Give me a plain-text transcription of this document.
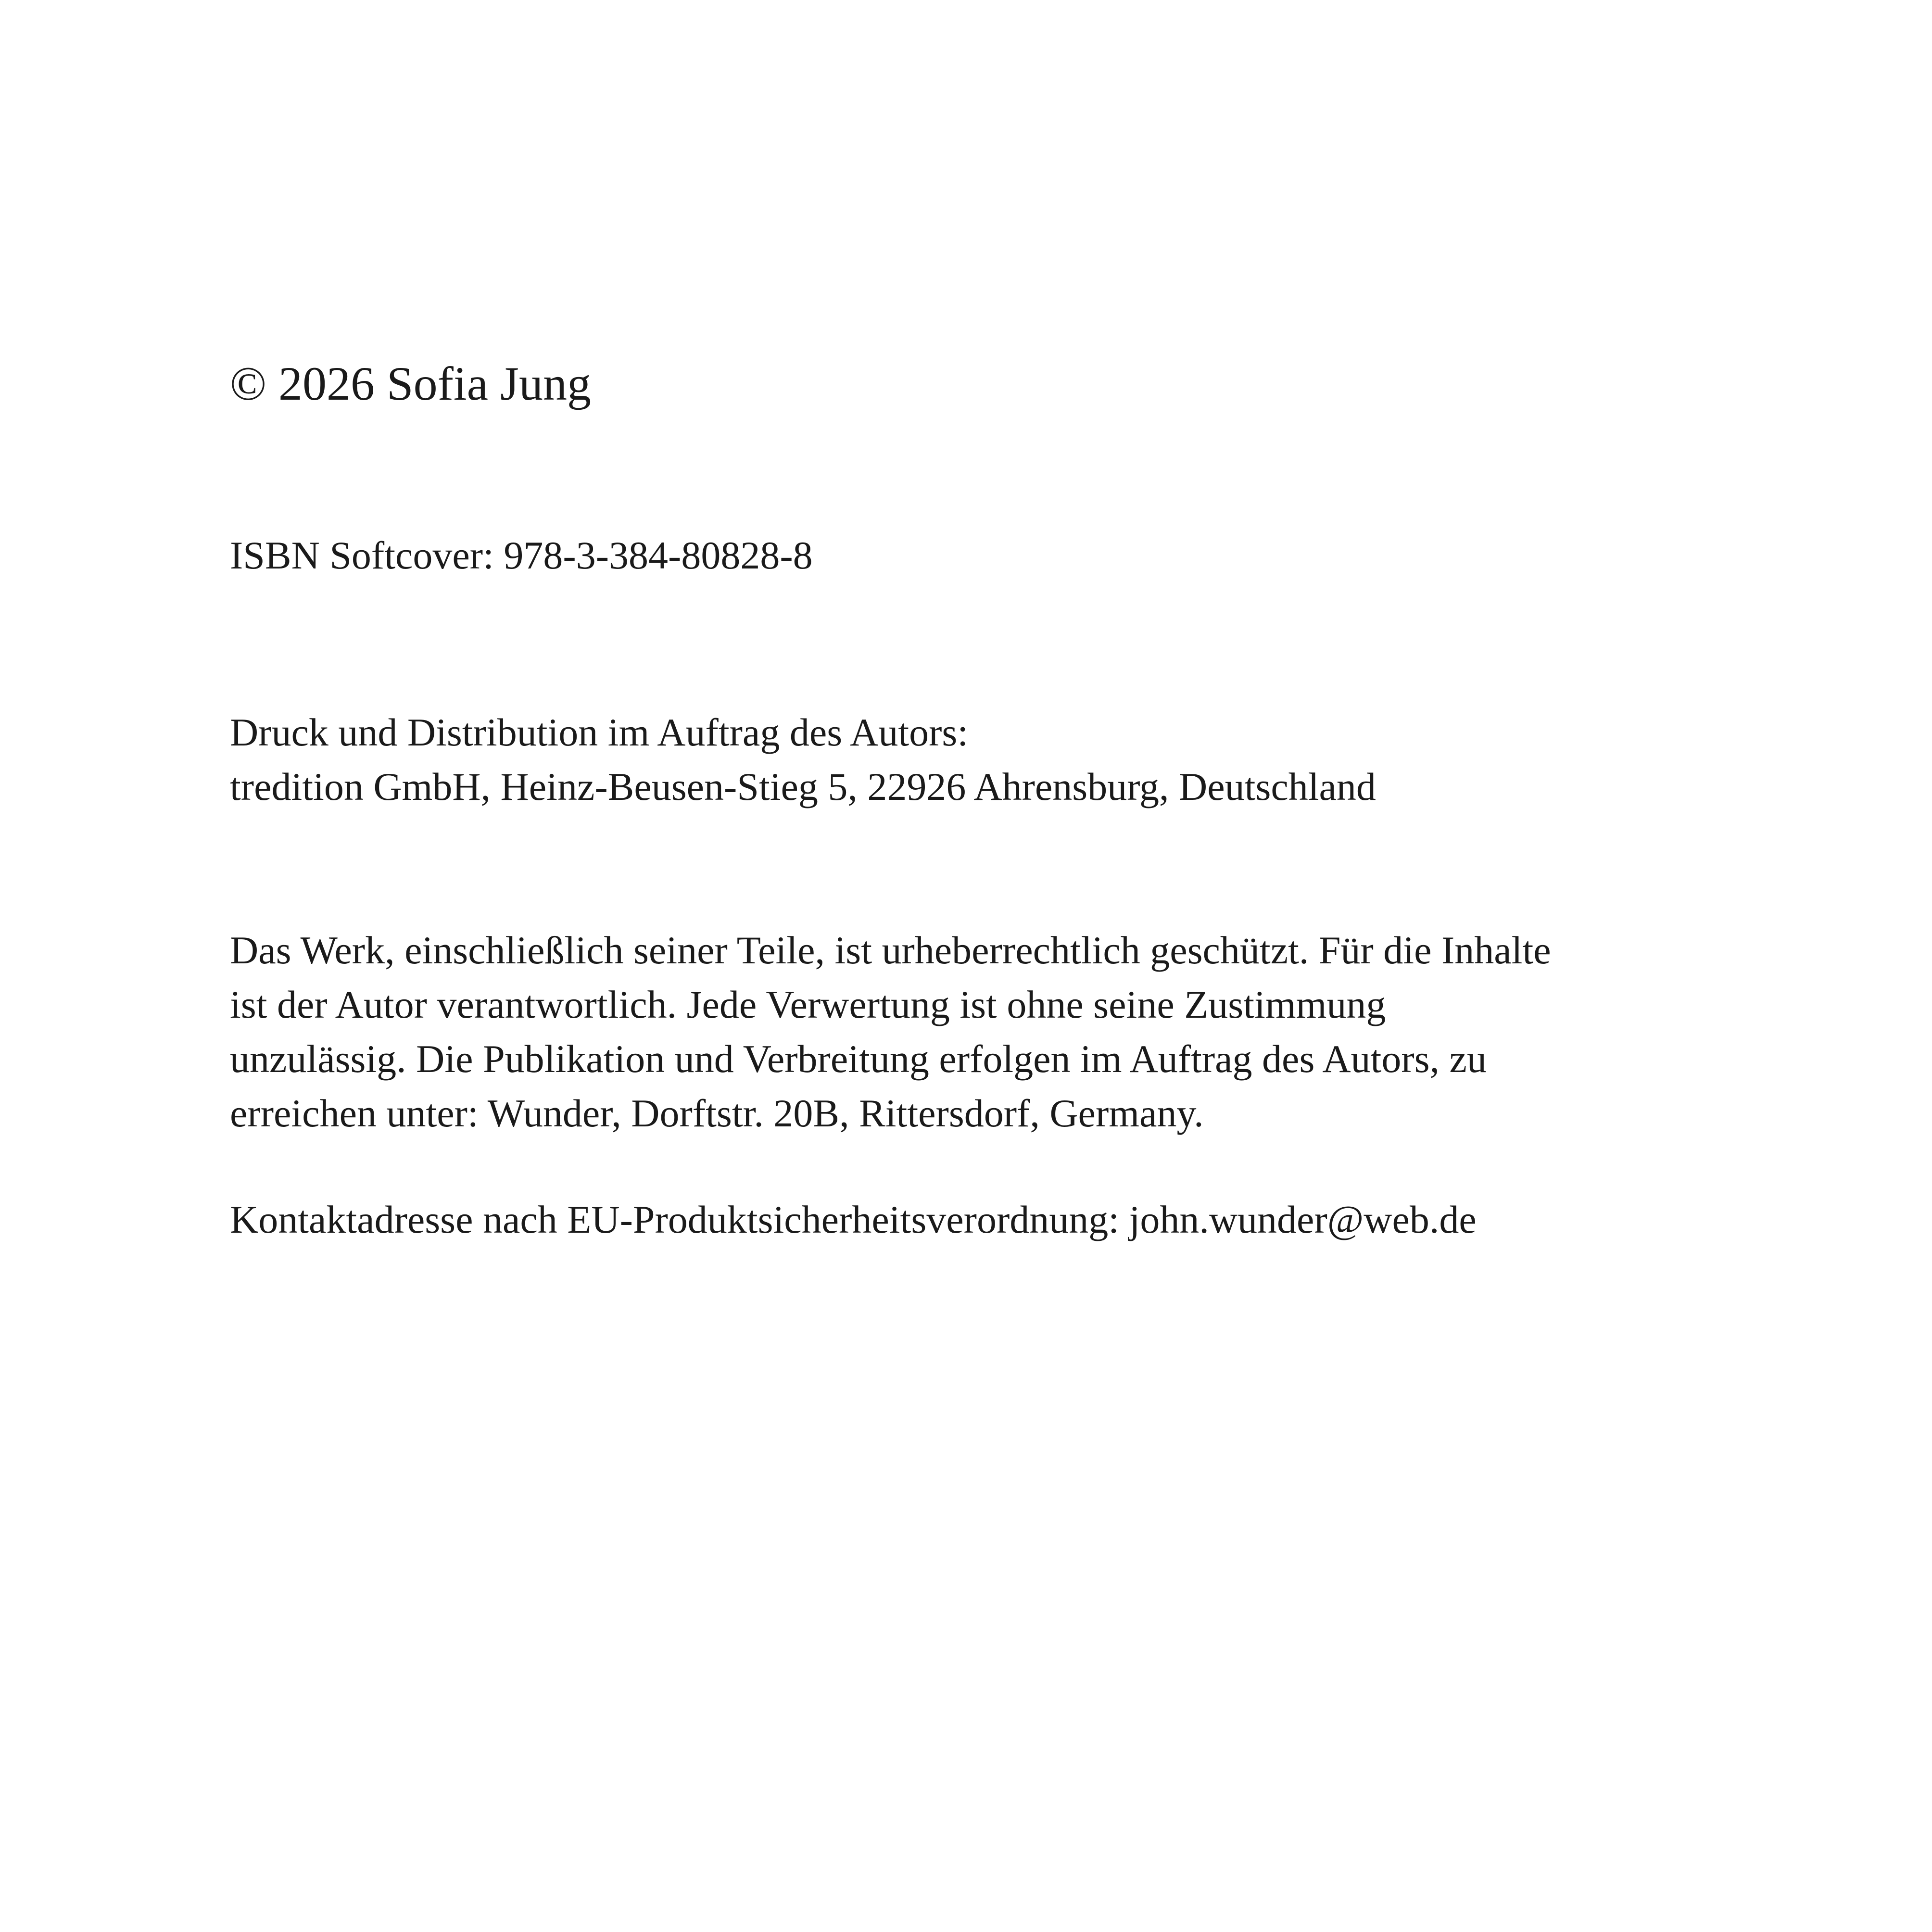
© 2026 Sofia Jung

ISBN Softcover: 978-3-384-80828-8

Druck und Distribution im Auftrag des Autors:
tredition GmbH, Heinz-Beusen-Stieg 5, 22926 Ahrensburg, Deutschland

Das Werk, einschließlich seiner Teile, ist urheberrechtlich geschützt. Für die Inhalte
ist der Autor verantwortlich. Jede Verwertung ist ohne seine Zustimmung
unzulässig. Die Publikation und Verbreitung erfolgen im Auftrag des Autors, zu
erreichen unter: Wunder, Dorftstr. 20B, Rittersdorf, Germany.

Kontaktadresse nach EU-Produktsicherheitsverordnung: john.wunder@web.de
